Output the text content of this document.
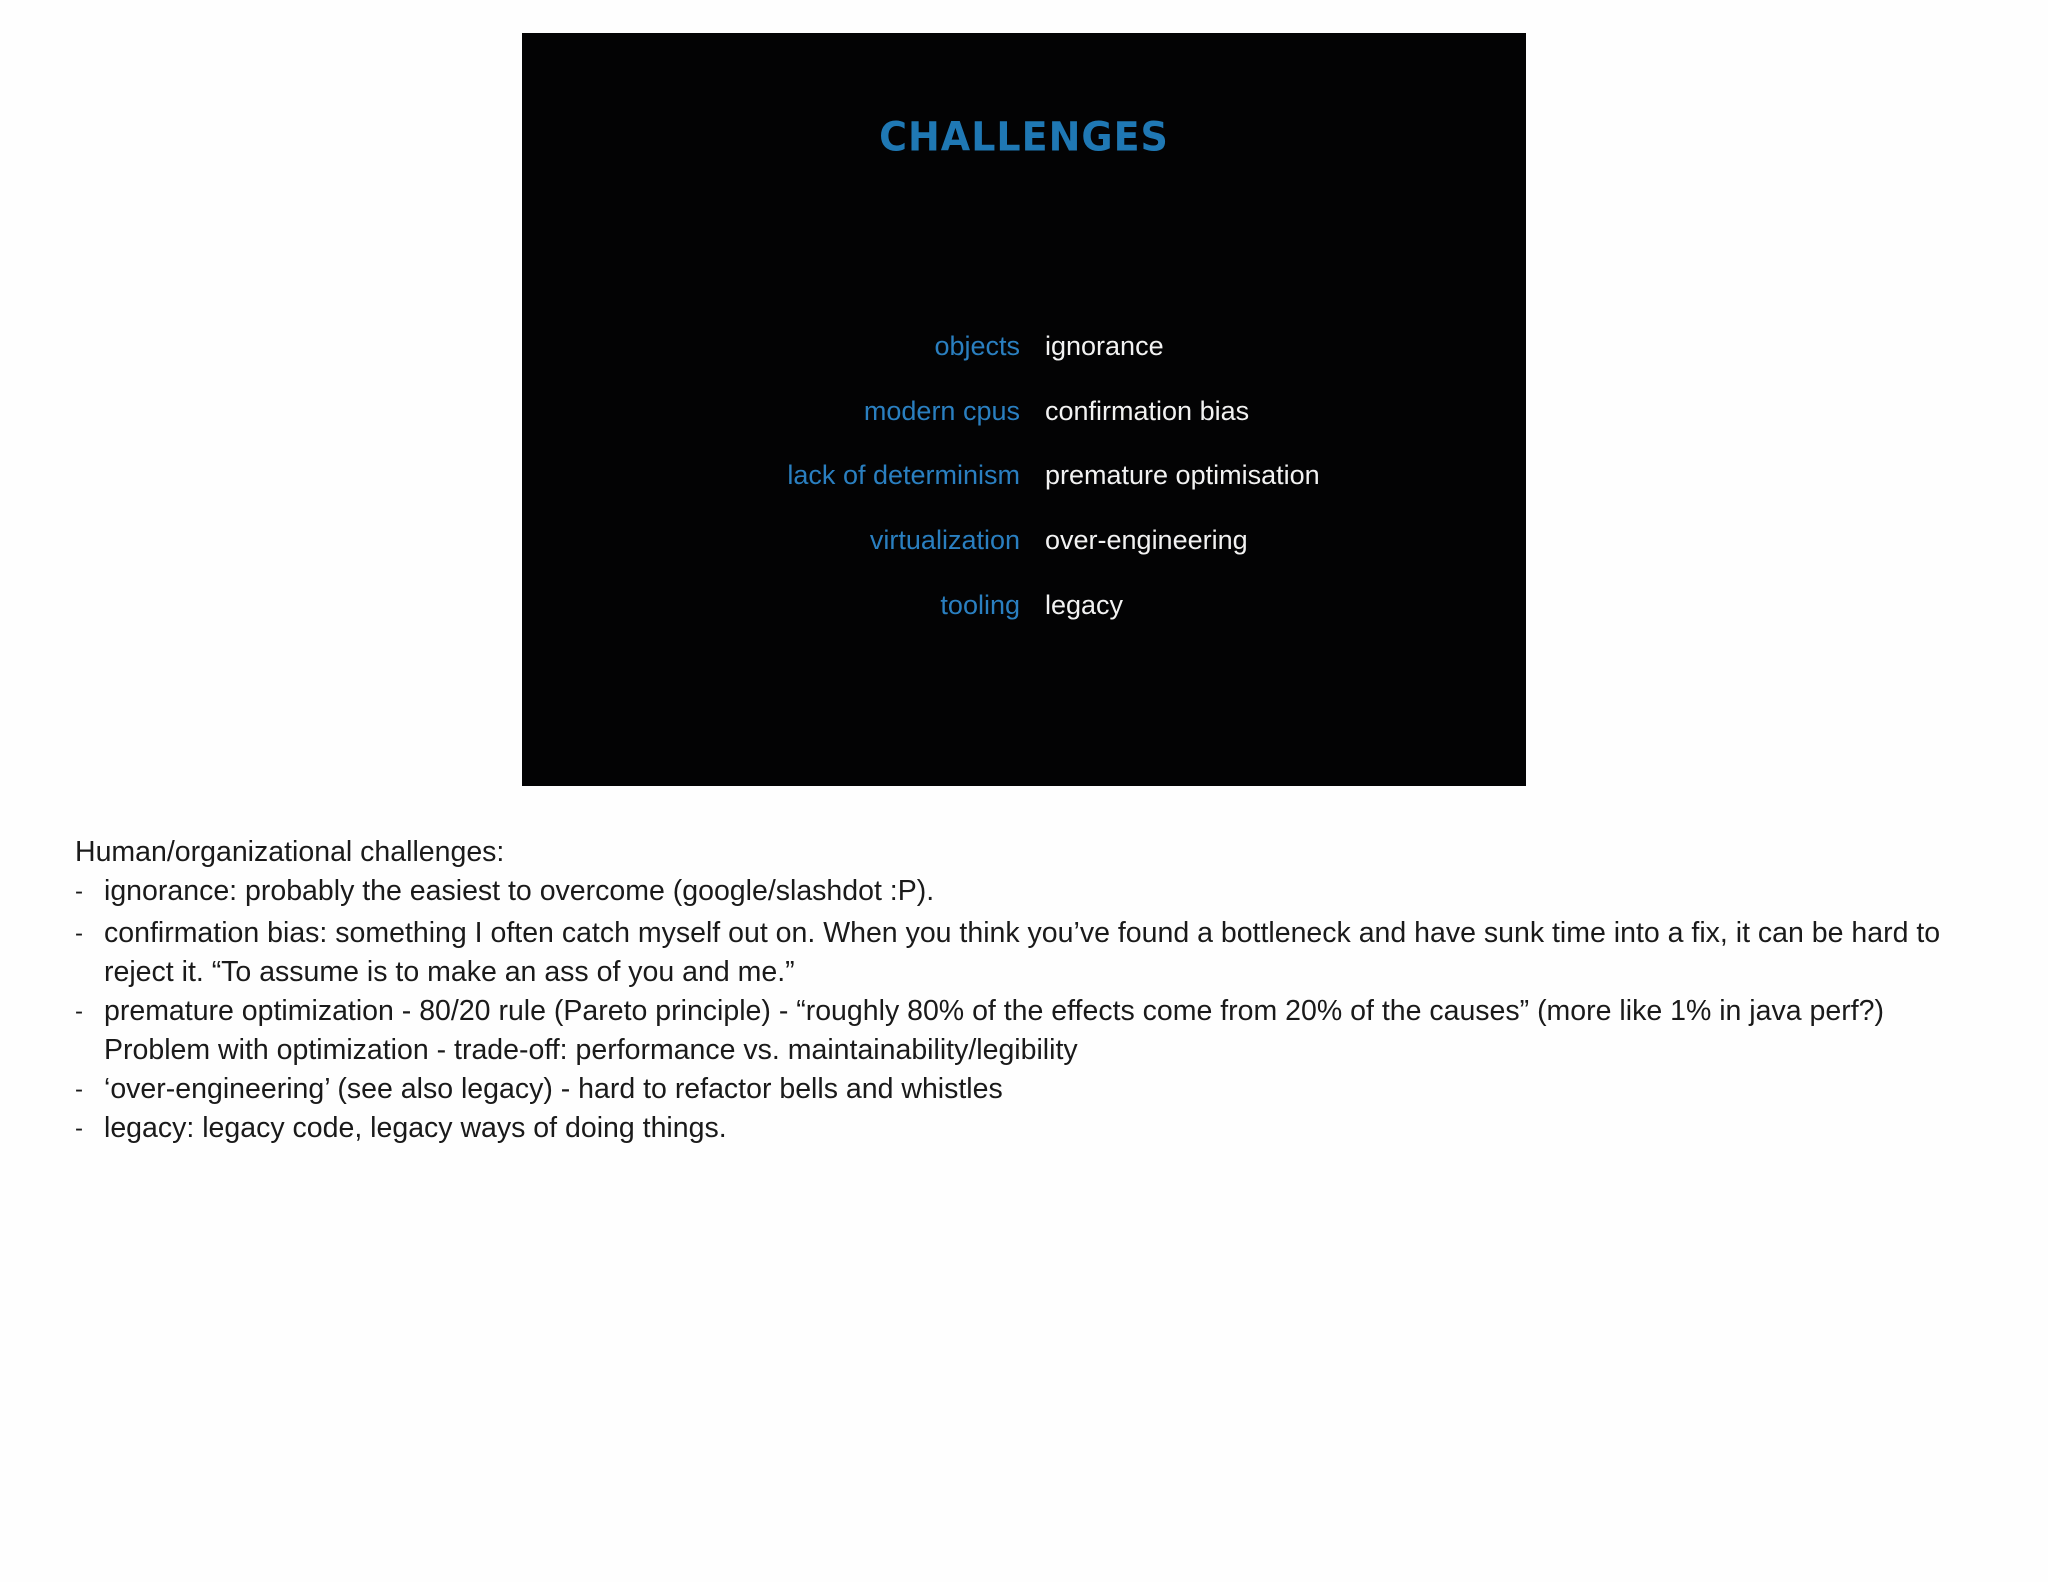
CHALLENGES
objects ignorance
modern cpus confirmation bias
lack of determinism premature optimisation
virtualization over-engineering
tooling legacy
Human/organizational challenges:
- ignorance: probably the easiest to overcome (google/slashdot :P).
- confirmation bias: something I often catch myself out on. When you think you’ve found a bottleneck and have sunk time into a fix, it can be hard to reject it. “To assume is to make an ass of you and me.”
- premature optimization - 80/20 rule (Pareto principle) - “roughly 80% of the effects come from 20% of the causes” (more like 1% in java perf?) Problem with optimization - trade-off: performance vs. maintainability/legibility
- ‘over-engineering’ (see also legacy) - hard to refactor bells and whistles
- legacy: legacy code, legacy ways of doing things.
